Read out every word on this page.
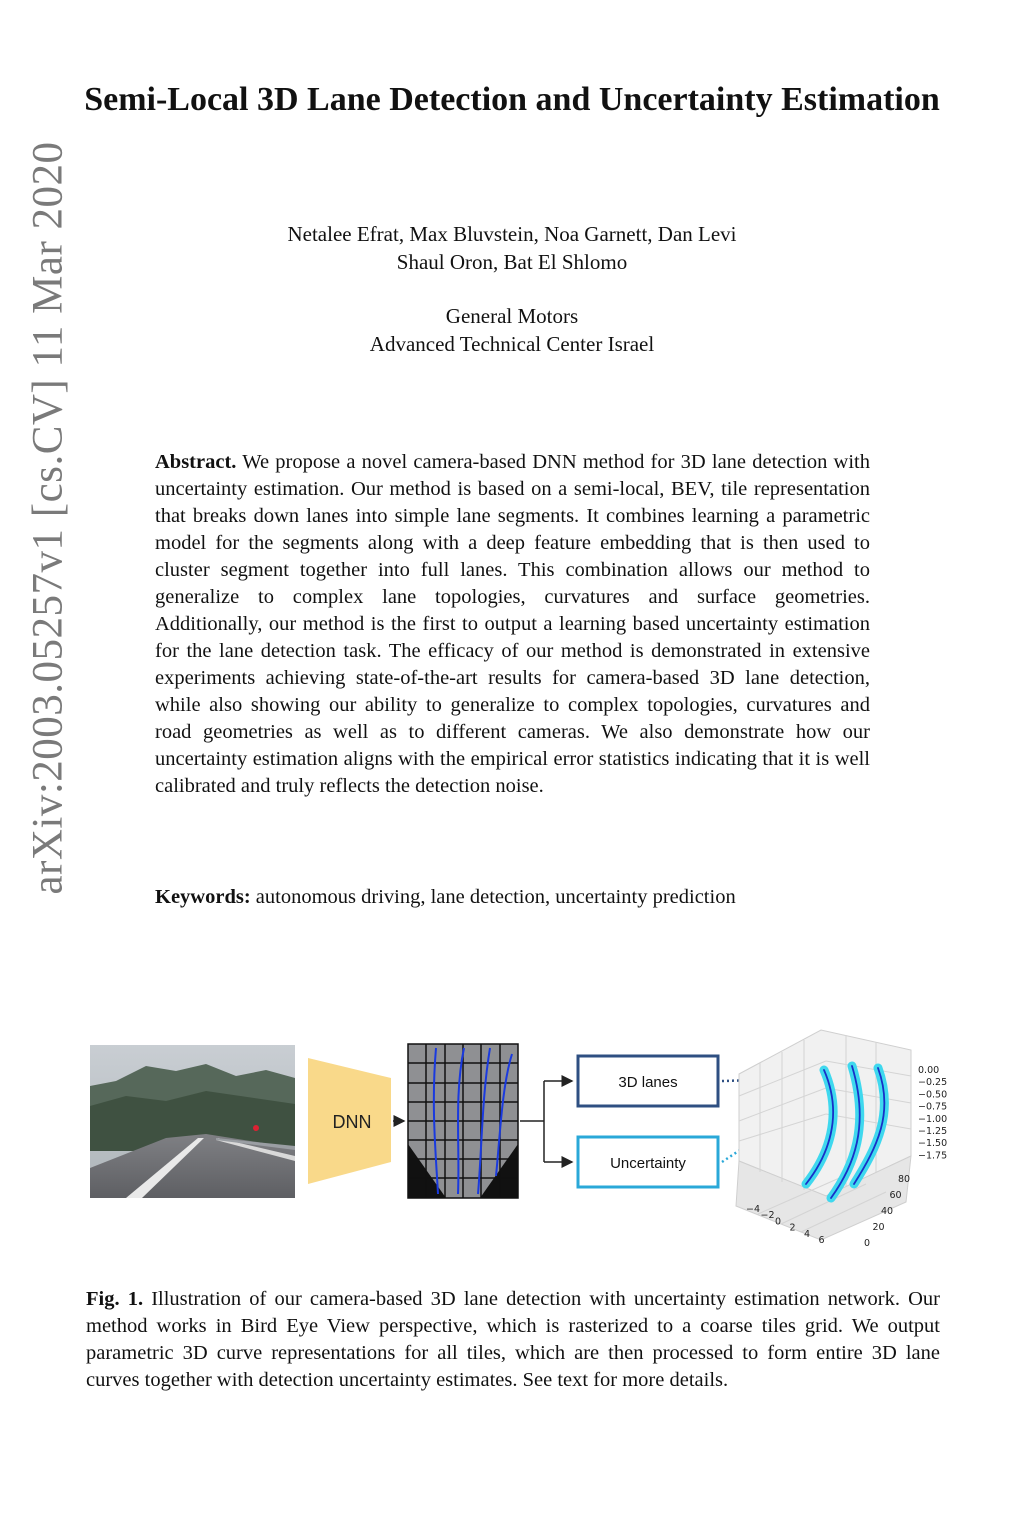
arXiv:2003.05257v1 [cs.CV] 11 Mar 2020
Semi-Local 3D Lane Detection and Uncertainty Estimation
Netalee Efrat, Max Bluvstein, Noa Garnett, Dan Levi
Shaul Oron, Bat El Shlomo
General Motors
Advanced Technical Center Israel
Abstract. We propose a novel camera-based DNN method for 3D lane detection with uncertainty estimation. Our method is based on a semi-local, BEV, tile representation that breaks down lanes into simple lane segments. It combines learning a parametric model for the segments along with a deep feature embedding that is then used to cluster segment together into full lanes. This combination allows our method to generalize to complex lane topologies, curvatures and surface geometries. Additionally, our method is the first to output a learning based uncertainty estimation for the lane detection task. The efficacy of our method is demonstrated in extensive experiments achieving state-of-the-art results for camera-based 3D lane detection, while also showing our ability to generalize to complex topologies, curvatures and road geometries as well as to different cameras. We also demonstrate how our uncertainty estimation aligns with the empirical error statistics indicating that it is well calibrated and truly reflects the detection noise.
Keywords: autonomous driving, lane detection, uncertainty prediction
DNN
3D lanes
Uncertainty
0.00
−0.25
−0.50
−0.75
−1.00
−1.25
−1.50
−1.75
−4
−2
0
2
4
6	0
20
40
60
80
Fig. 1. Illustration of our camera-based 3D lane detection with uncertainty estimation network. Our method works in Bird Eye View perspective, which is rasterized to a coarse tiles grid. We output parametric 3D curve representations for all tiles, which are then processed to form entire 3D lane curves together with detection uncertainty estimates. See text for more details.
